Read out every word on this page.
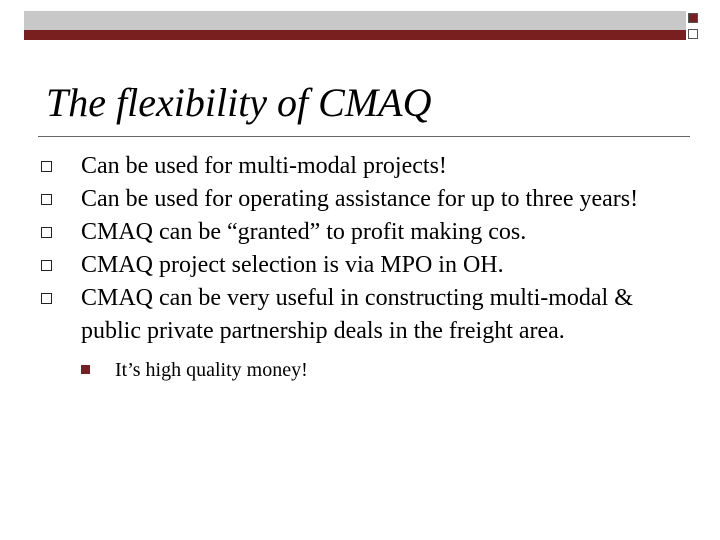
The flexibility of CMAQ
Can be used for multi-modal projects!
Can be used for operating assistance for up to three years!
CMAQ can be “granted” to profit making cos.
CMAQ project selection is via MPO in OH.
CMAQ can be very useful in constructing multi-modal & public private partnership deals in the freight area.
It’s high quality money!
